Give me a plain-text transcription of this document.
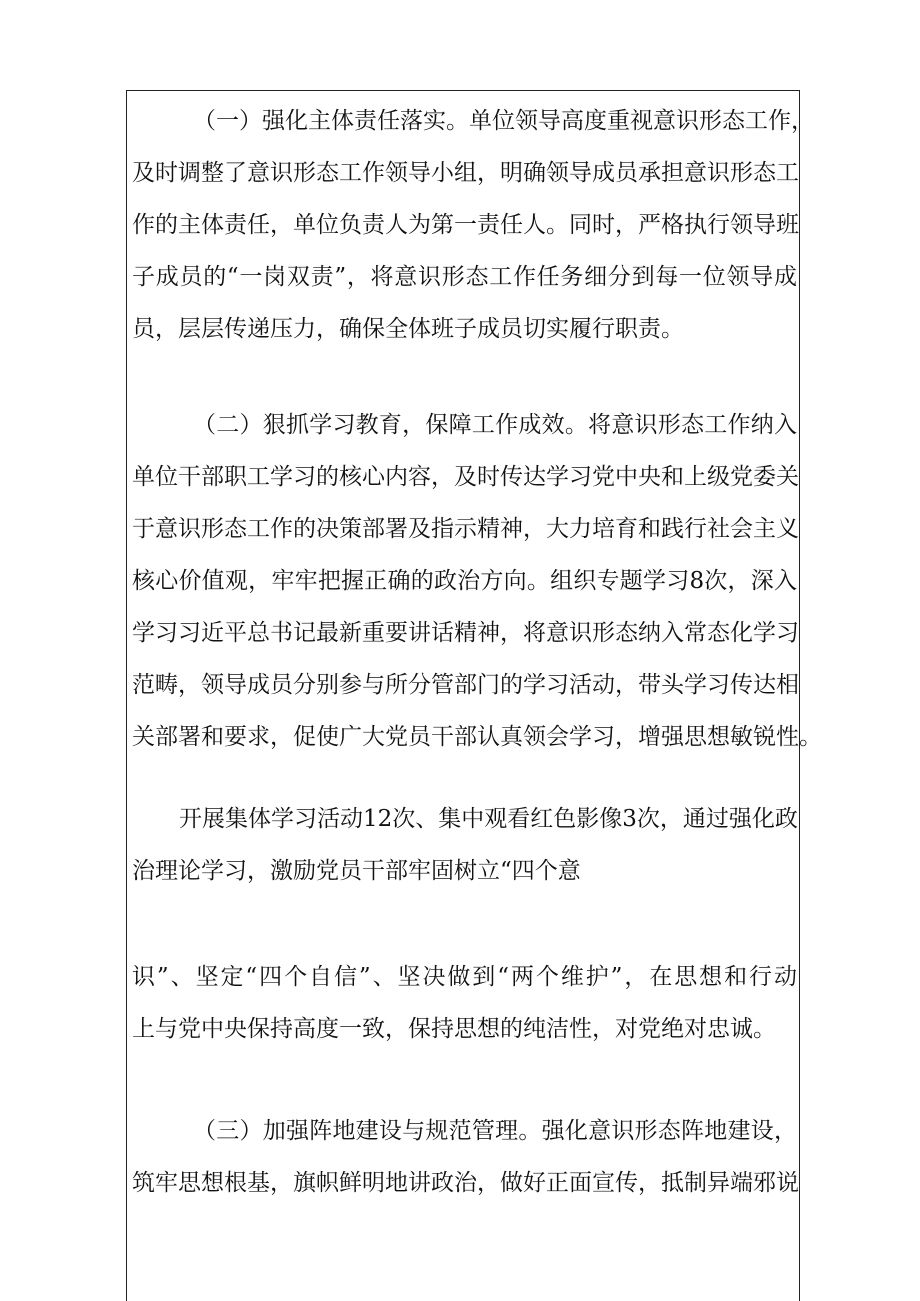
（一）强化主体责任落实。单位领导高度重视意识形态工作，
及时调整了意识形态工作领导小组，明确领导成员承担意识形态工
作的主体责任，单位负责人为第一责任人。同时，严格执行领导班
子成员的“一岗双责”，将意识形态工作任务细分到每一位领导成
员，层层传递压力，确保全体班子成员切实履行职责。
（二）狠抓学习教育，保障工作成效。将意识形态工作纳入
单位干部职工学习的核心内容，及时传达学习党中央和上级党委关
于意识形态工作的决策部署及指示精神，大力培育和践行社会主义
核心价值观，牢牢把握正确的政治方向。组织专题学习8次，深入
学习习近平总书记最新重要讲话精神，将意识形态纳入常态化学习
范畴，领导成员分别参与所分管部门的学习活动，带头学习传达相
关部署和要求，促使广大党员干部认真领会学习，增强思想敏锐性。
开展集体学习活动12次、集中观看红色影像3次，通过强化政
治理论学习，激励党员干部牢固树立“四个意
识”、坚定“四个自信”、坚决做到“两个维护”，在思想和行动
上与党中央保持高度一致，保持思想的纯洁性，对党绝对忠诚。
（三）加强阵地建设与规范管理。强化意识形态阵地建设，
筑牢思想根基，旗帜鲜明地讲政治，做好正面宣传，抵制异端邪说
